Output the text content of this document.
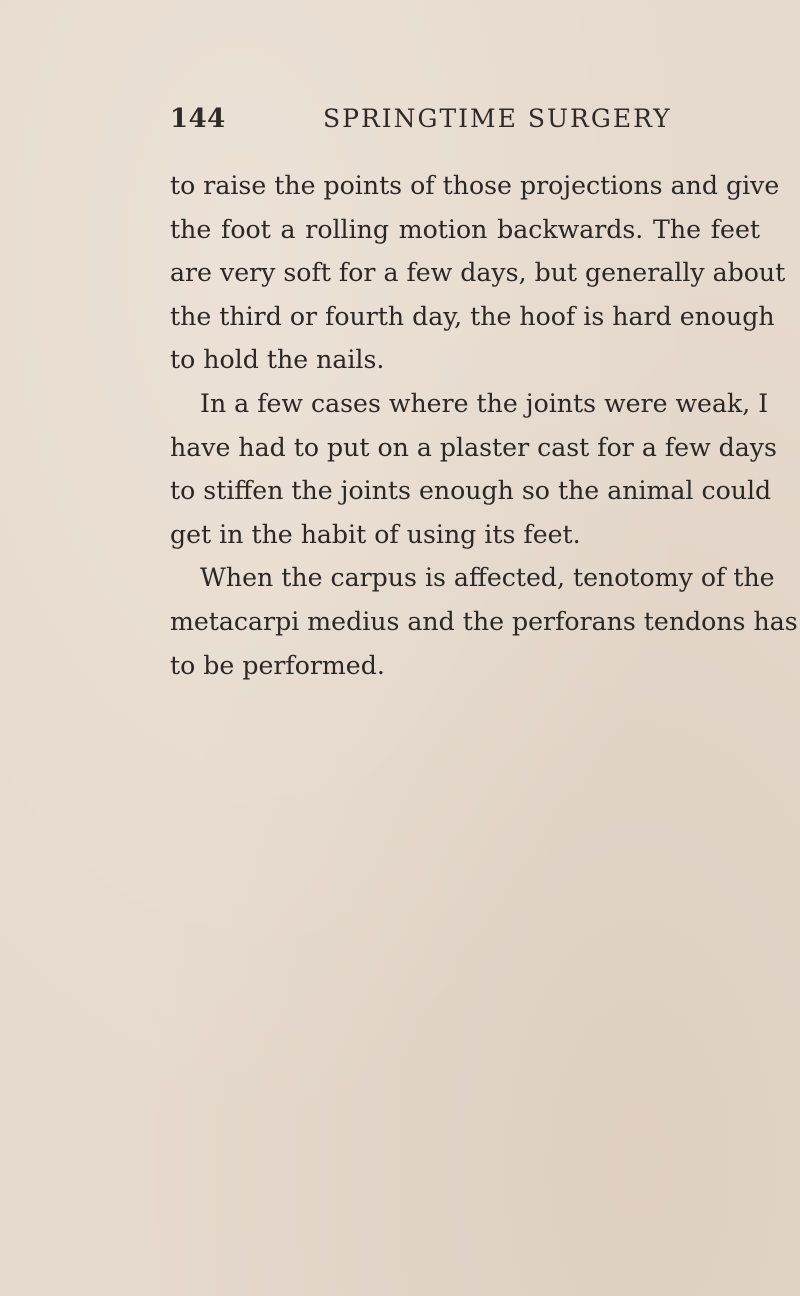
144	SPRINGTIME SURGERY
to raise the points of those projections and give
the foot a rolling motion backwards. The feet
are very soft for a few days, but generally about
the third or fourth day, the hoof is hard enough
to hold the nails.
In a few cases where the joints were weak, I
have had to put on a plaster cast for a few days
to stiffen the joints enough so the animal could
get in the habit of using its feet.
When the carpus is affected, tenotomy of the
metacarpi medius and the perforans tendons has
to be performed.
